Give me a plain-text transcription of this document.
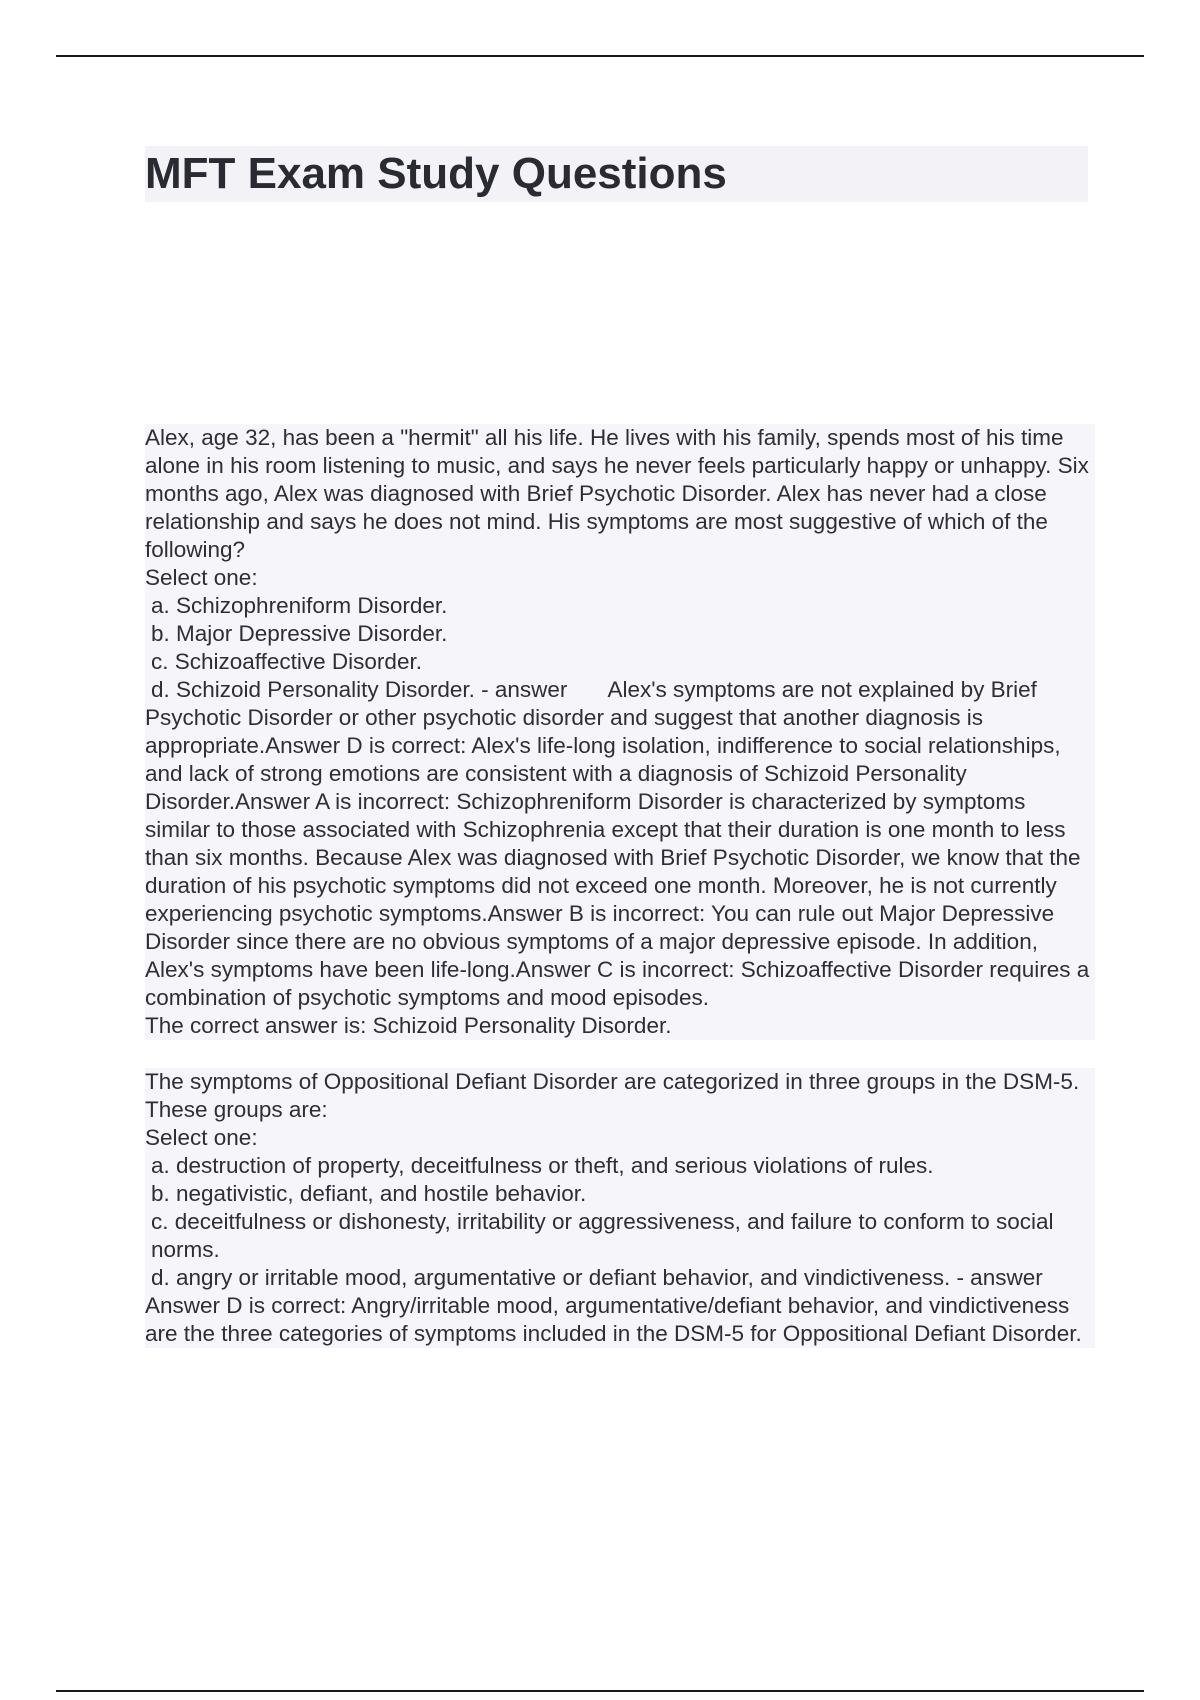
MFT Exam Study Questions

Alex, age 32, has been a "hermit" all his life. He lives with his family, spends most of his time alone in his room listening to music, and says he never feels particularly happy or unhappy. Six months ago, Alex was diagnosed with Brief Psychotic Disorder. Alex has never had a close relationship and says he does not mind. His symptoms are most suggestive of which of the following?

Select one:

a. Schizophreniform Disorder.

b. Major Depressive Disorder.

c. Schizoaffective Disorder.

d. Schizoid Personality Disorder. - answer Alex's symptoms are not explained by Brief Psychotic Disorder or other psychotic disorder and suggest that another diagnosis is appropriate.Answer D is correct: Alex's life-long isolation, indifference to social relationships, and lack of strong emotions are consistent with a diagnosis of Schizoid Personality Disorder.Answer A is incorrect: Schizophreniform Disorder is characterized by symptoms similar to those associated with Schizophrenia except that their duration is one month to less than six months. Because Alex was diagnosed with Brief Psychotic Disorder, we know that the duration of his psychotic symptoms did not exceed one month. Moreover, he is not currently experiencing psychotic symptoms.Answer B is incorrect: You can rule out Major Depressive Disorder since there are no obvious symptoms of a major depressive episode. In addition, Alex's symptoms have been life-long.Answer C is incorrect: Schizoaffective Disorder requires a combination of psychotic symptoms and mood episodes.

The correct answer is: Schizoid Personality Disorder.

The symptoms of Oppositional Defiant Disorder are categorized in three groups in the DSM-5. These groups are:

Select one:

a. destruction of property, deceitfulness or theft, and serious violations of rules.

b. negativistic, defiant, and hostile behavior.

c. deceitfulness or dishonesty, irritability or aggressiveness, and failure to conform to social norms.

d. angry or irritable mood, argumentative or defiant behavior, and vindictiveness. - answerAnswer D is correct: Angry/irritable mood, argumentative/defiant behavior, and vindictiveness are the three categories of symptoms included in the DSM-5 for Oppositional Defiant Disorder.
